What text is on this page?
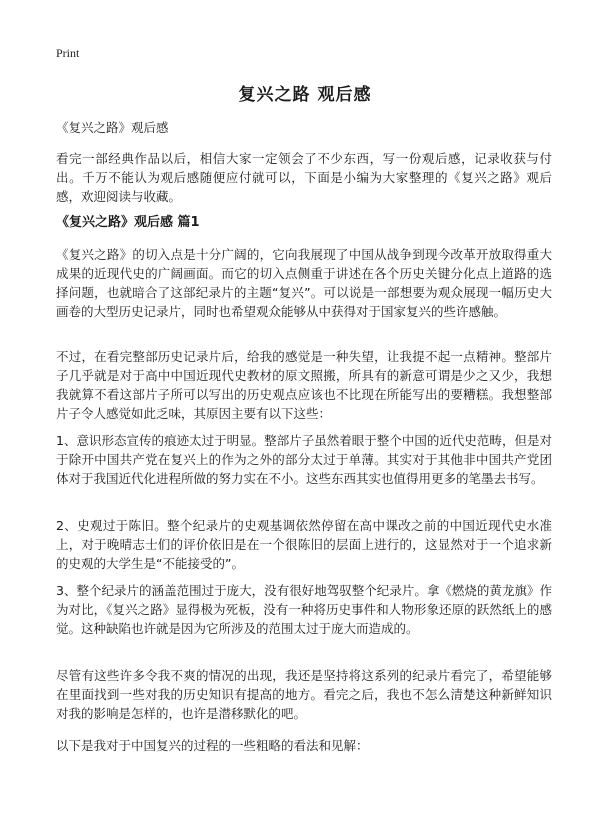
Print
复兴之路 观后感
《复兴之路》观后感
看完一部经典作品以后，相信大家一定领会了不少东西，写一份观后感，记录收获与付出。千万不能认为观后感随便应付就可以，下面是小编为大家整理的《复兴之路》观后感，欢迎阅读与收藏。
《复兴之路》观后感 篇1
《复兴之路》的切入点是十分广阔的，它向我展现了中国从战争到现今改革开放取得重大成果的近现代史的广阔画面。而它的切入点侧重于讲述在各个历史关键分化点上道路的选择问题，也就暗合了这部纪录片的主题“复兴”。可以说是一部想要为观众展现一幅历史大画卷的大型历史记录片，同时也希望观众能够从中获得对于国家复兴的些许感触。
不过，在看完整部历史记录片后，给我的感觉是一种失望，让我提不起一点精神。整部片子几乎就是对于高中中国近现代史教材的原文照搬，所具有的新意可谓是少之又少，我想我就算不看这部片子所可以写出的历史观点应该也不比现在所能写出的要糟糕。我想整部片子令人感觉如此乏味，其原因主要有以下这些：
1、意识形态宣传的痕迹太过于明显。整部片子虽然着眼于整个中国的近代史范畴，但是对于除开中国共产党在复兴上的作为之外的部分太过于单薄。其实对于其他非中国共产党团体对于我国近代化进程所做的努力实在不小。这些东西其实也值得用更多的笔墨去书写。
2、史观过于陈旧。整个纪录片的史观基调依然停留在高中课改之前的中国近现代史水准上，对于晚晴志士们的评价依旧是在一个很陈旧的层面上进行的，这显然对于一个追求新的史观的大学生是“不能接受的”。
3、整个纪录片的涵盖范围过于庞大，没有很好地驾驭整个纪录片。拿《燃烧的黄龙旗》作为对比，《复兴之路》显得极为死板，没有一种将历史事件和人物形象还原的跃然纸上的感觉。这种缺陷也许就是因为它所涉及的范围太过于庞大而造成的。
尽管有这些许多令我不爽的情况的出现，我还是坚持将这系列的纪录片看完了，希望能够在里面找到一些对我的历史知识有提高的地方。看完之后，我也不怎么清楚这种新鲜知识对我的影响是怎样的，也许是潜移默化的吧。
以下是我对于中国复兴的过程的一些粗略的看法和见解：
